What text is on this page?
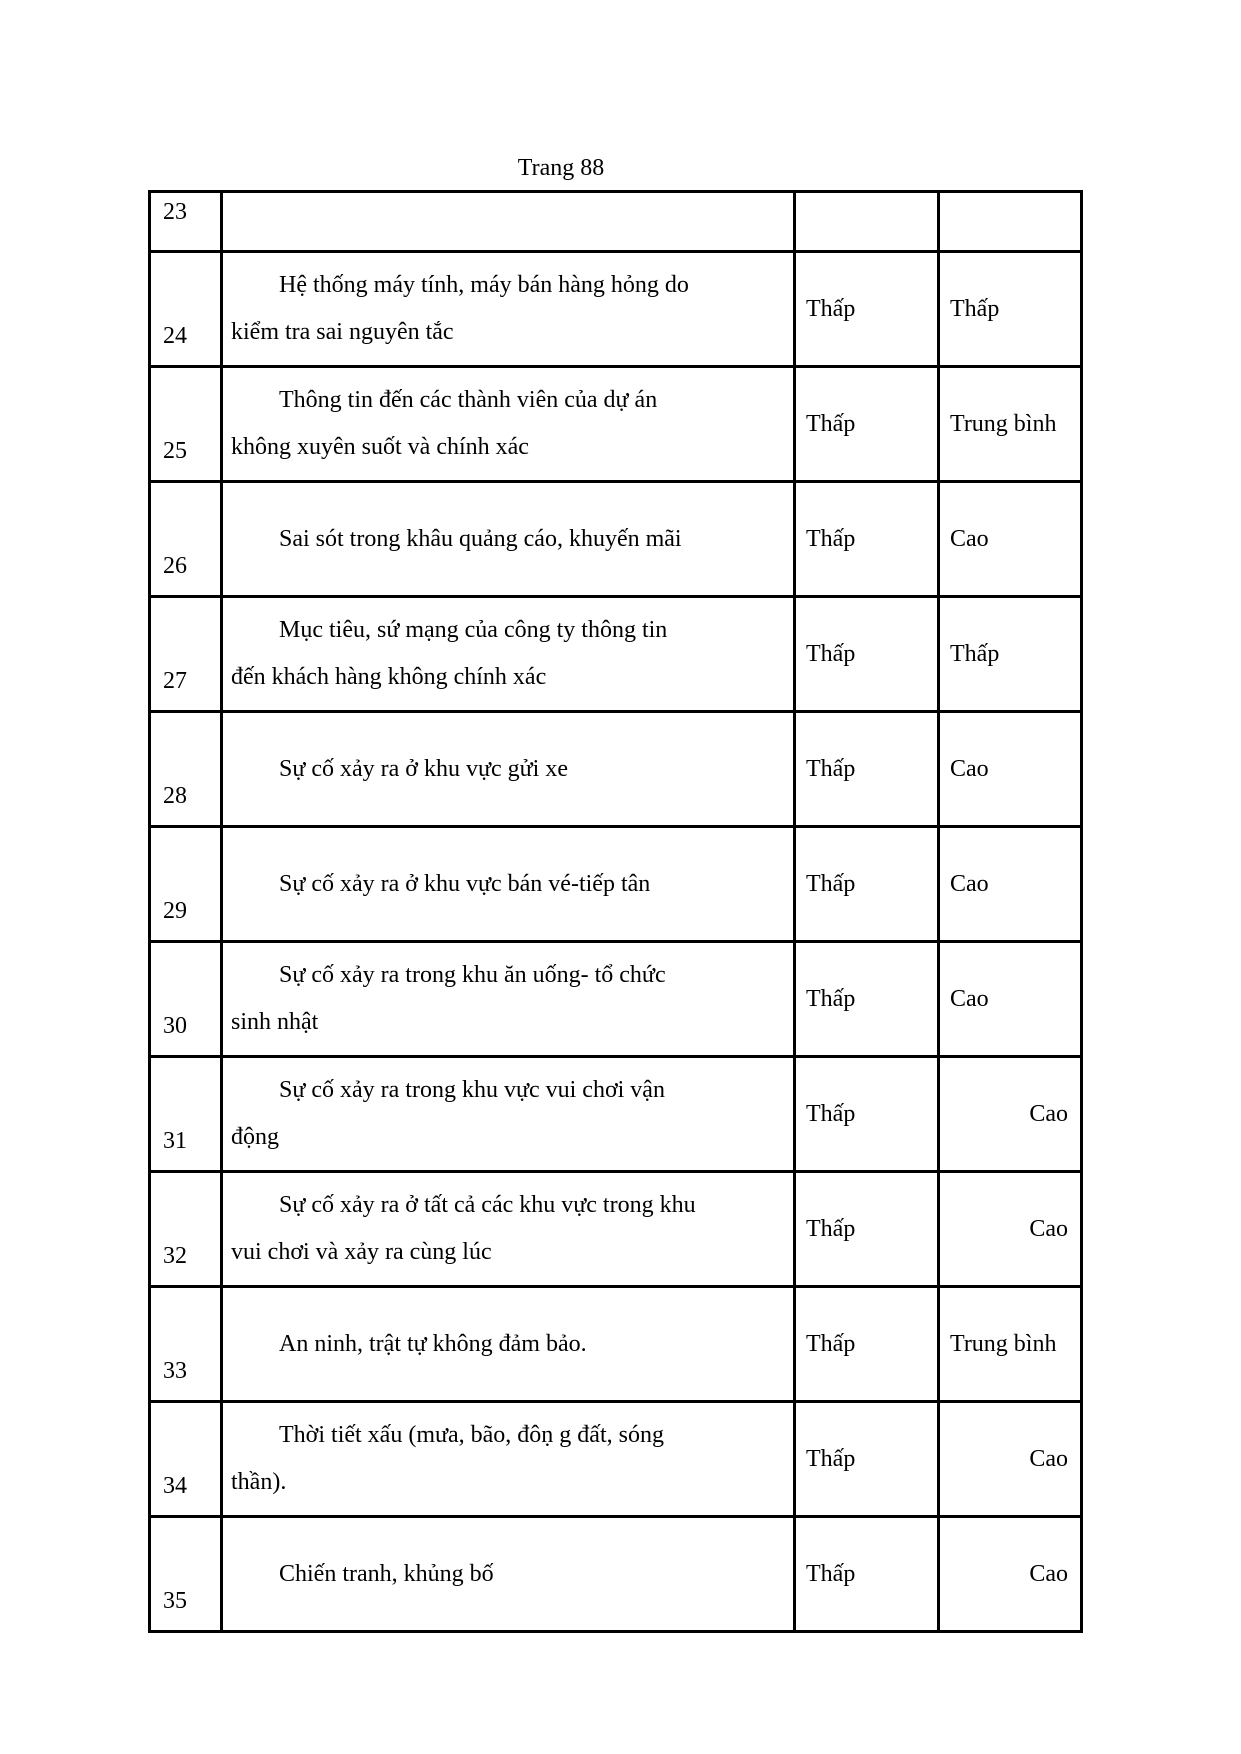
Trang 88
23			
24	Hệ thống máy tính, máy bán hàng hỏng do
kiểm tra sai nguyên tắc	Thấp	Thấp
25	Thông tin đến các thành viên của dự án
không xuyên suốt và chính xác	Thấp	Trung bình
26	Sai sót trong khâu quảng cáo, khuyến mãi	Thấp	Cao
27	Mục tiêu, sứ mạng của công ty thông tin
đến khách hàng không chính xác	Thấp	Thấp
28	Sự cố xảy ra ở khu vực gửi xe	Thấp	Cao
29	Sự cố xảy ra ở khu vực bán vé-tiếp tân	Thấp	Cao
30	Sự cố xảy ra trong khu ăn uống- tổ chức
sinh nhật	Thấp	Cao
31	Sự cố xảy ra trong khu vực vui chơi vận
động	Thấp	Cao
32	Sự cố xảy ra ở tất cả các khu vực trong khu
vui chơi và xảy ra cùng lúc	Thấp	Cao
33	An ninh, trật tự không đảm bảo.	Thấp	Trung bình
34	Thời tiết xấu (mưa, bão, đôṇ g đất, sóng
thần).	Thấp	Cao
35	Chiến tranh, khủng bố	Thấp	Cao
